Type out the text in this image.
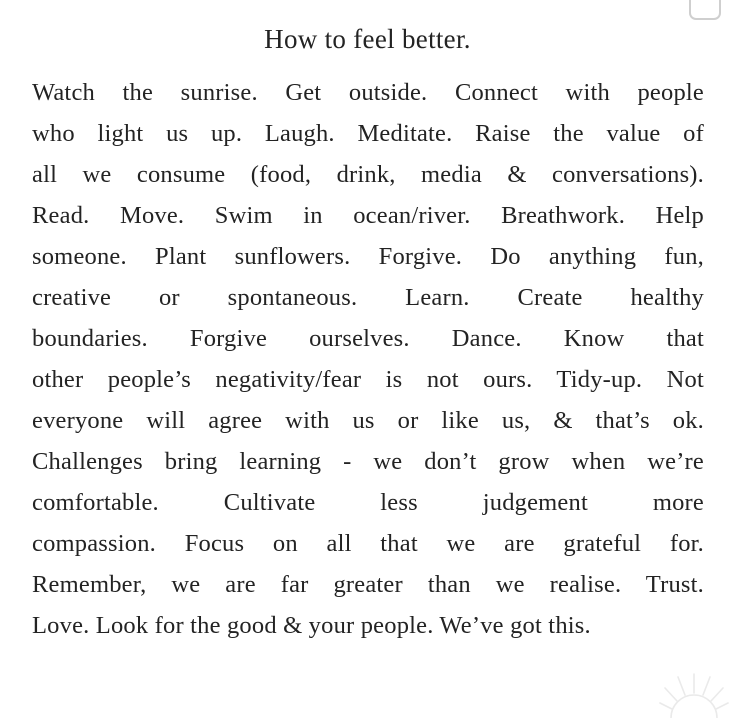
How to feel better.
Watch the sunrise. Get outside. Connect with people
who light us up. Laugh. Meditate. Raise the value of
all we consume (food, drink, media & conversations).
Read. Move. Swim in ocean/river. Breathwork. Help
someone. Plant sunflowers. Forgive. Do anything fun,
creative or spontaneous. Learn. Create healthy
boundaries. Forgive ourselves. Dance. Know that
other people’s negativity/fear is not ours. Tidy-up. Not
everyone will agree with us or like us, & that’s ok.
Challenges bring learning - we don’t grow when we’re
comfortable. Cultivate less judgement more
compassion. Focus on all that we are grateful for.
Remember, we are far greater than we realise. Trust.
Love. Look for the good & your people. We’ve got this.
